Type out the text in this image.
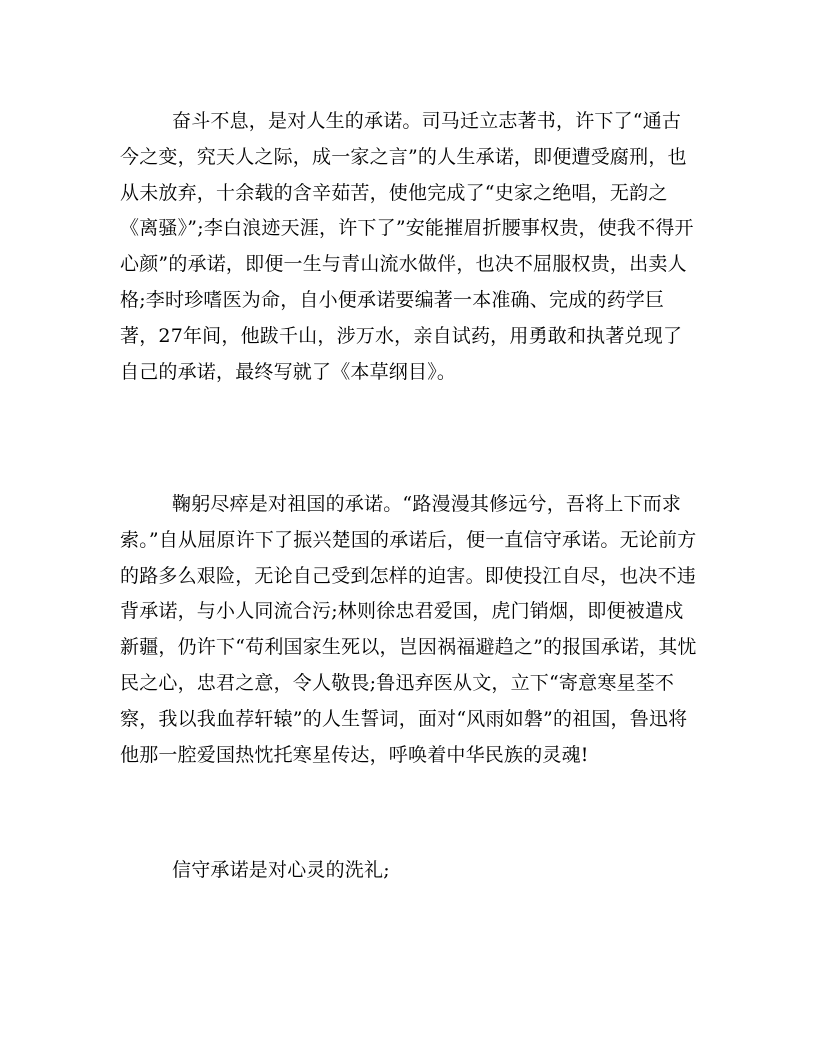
奋斗不息，是对人生的承诺。司马迁立志著书，许下了“通古今之变，究天人之际，成一家之言”的人生承诺，即便遭受腐刑，也从未放弃，十余载的含辛茹苦，使他完成了“史家之绝唱，无韵之《离骚》”;李白浪迹天涯，许下了”安能摧眉折腰事权贵，使我不得开心颜”的承诺，即便一生与青山流水做伴，也决不屈服权贵，出卖人格;李时珍嗜医为命，自小便承诺要编著一本准确、完成的药学巨著，27年间，他跋千山，涉万水，亲自试药，用勇敢和执著兑现了自己的承诺，最终写就了《本草纲目》。

鞠躬尽瘁是对祖国的承诺。“路漫漫其修远兮，吾将上下而求索。”自从屈原许下了振兴楚国的承诺后，便一直信守承诺。无论前方的路多么艰险，无论自己受到怎样的迫害。即使投江自尽，也决不违背承诺，与小人同流合污;林则徐忠君爱国，虎门销烟，即便被遣戍新疆，仍许下“苟利国家生死以，岂因祸福避趋之”的报国承诺，其忧民之心，忠君之意，令人敬畏;鲁迅弃医从文，立下“寄意寒星荃不察，我以我血荐轩辕”的人生誓词，面对“风雨如磐”的祖国，鲁迅将他那一腔爱国热忱托寒星传达，呼唤着中华民族的灵魂!

信守承诺是对心灵的洗礼;
